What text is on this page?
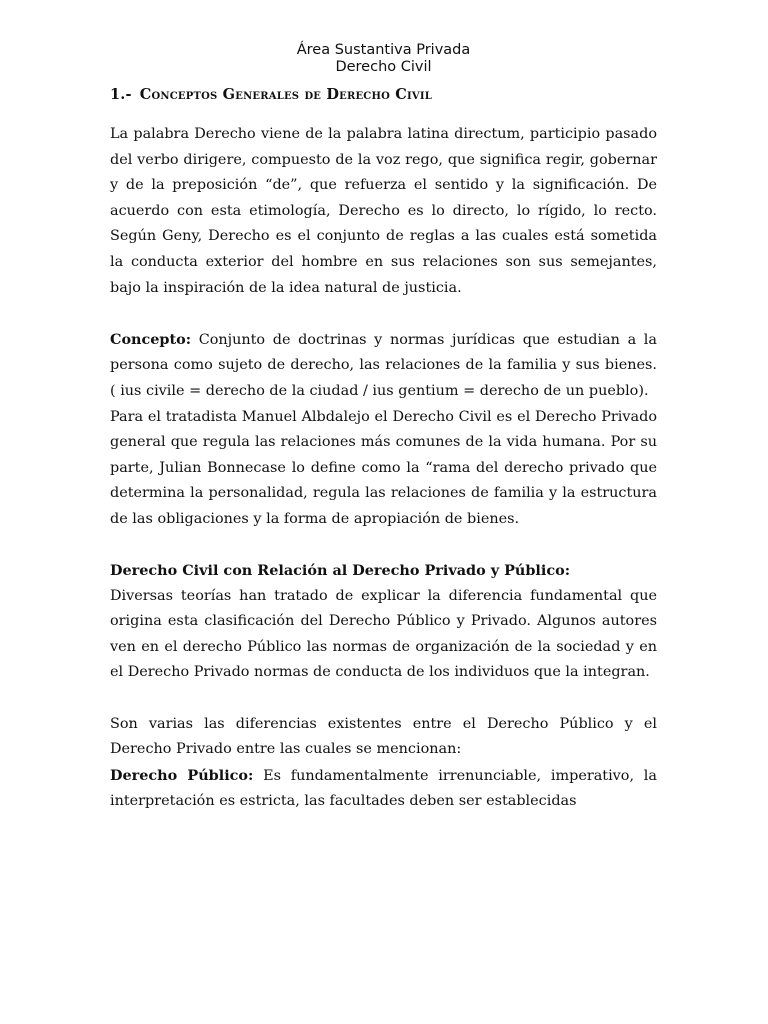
Área Sustantiva Privada
Derecho Civil
1.- Conceptos Generales de Derecho Civil

La palabra Derecho viene de la palabra latina directum, participio pasado del verbo dirigere, compuesto de la voz rego, que significa regir, gobernar y de la preposición “de”, que refuerza el sentido y la significación. De acuerdo con esta etimología, Derecho es lo directo, lo rígido, lo recto. Según Geny, Derecho es el conjunto de reglas a las cuales está sometida la conducta exterior del hombre en sus relaciones son sus semejantes, bajo la inspiración de la idea natural de justicia.

Concepto: Conjunto de doctrinas y normas jurídicas que estudian a la persona como sujeto de derecho, las relaciones de la familia y sus bienes. ( ius civile = derecho de la ciudad / ius gentium = derecho de un pueblo).

Para el tratadista Manuel Albdalejo el Derecho Civil es el Derecho Privado general que regula las relaciones más comunes de la vida humana. Por su parte, Julian Bonnecase lo define como la “rama del derecho privado que determina la personalidad, regula las relaciones de familia y la estructura de las obligaciones y la forma de apropiación de bienes.

Derecho Civil con Relación al Derecho Privado y Público:

Diversas teorías han tratado de explicar la diferencia fundamental que origina esta clasificación del Derecho Público y Privado. Algunos autores ven en el derecho Público las normas de organización de la sociedad y en el Derecho Privado normas de conducta de los individuos que la integran.

Son varias las diferencias existentes entre el Derecho Público y el Derecho Privado entre las cuales se mencionan:

Derecho Público: Es fundamentalmente irrenunciable, imperativo, la interpretación es estricta, las facultades deben ser establecidas
